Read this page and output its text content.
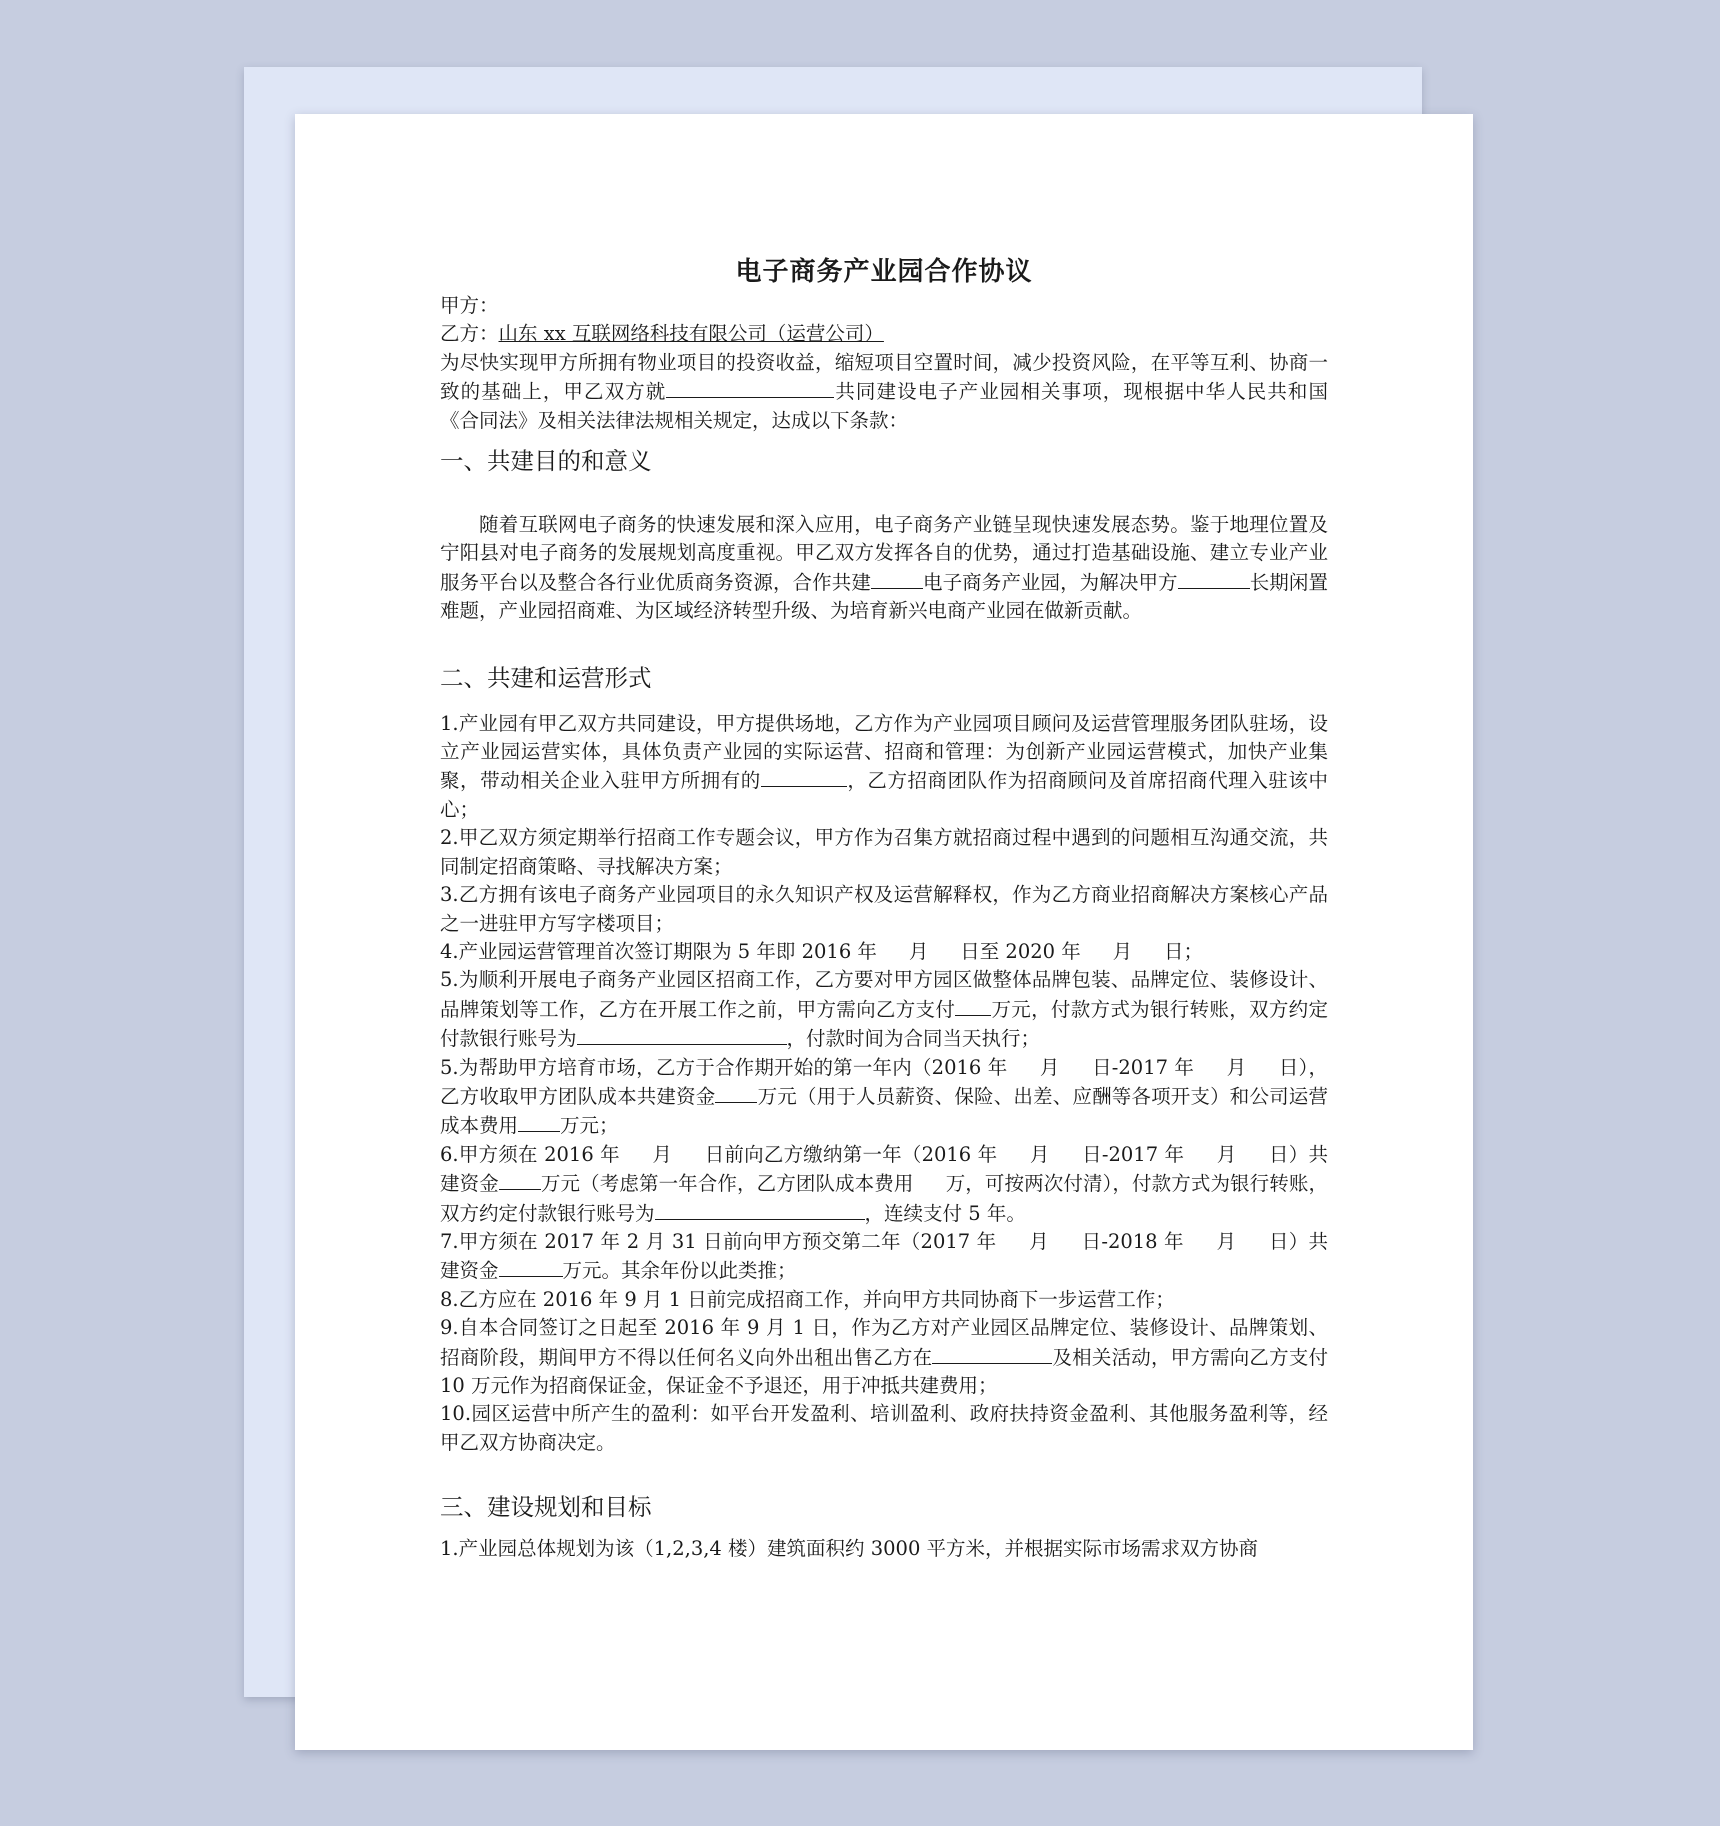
电子商务产业园合作协议

甲方：

乙方：山东 xx 互联网络科技有限公司（运营公司）

为尽快实现甲方所拥有物业项目的投资收益，缩短项目空置时间，减少投资风险，在平等互利、协商一致的基础上，甲乙双方就	共同建设电子产业园相关事项，现根据中华人民共和国《合同法》及相关法律法规相关规定，达成以下条款：

一、共建目的和意义

随着互联网电子商务的快速发展和深入应用，电子商务产业链呈现快速发展态势。鉴于地理位置及宁阳县对电子商务的发展规划高度重视。甲乙双方发挥各自的优势，通过打造基础设施、建立专业产业服务平台以及整合各行业优质商务资源，合作共建	电子商务产业园，为解决甲方	长期闲置难题，产业园招商难、为区域经济转型升级、为培育新兴电商产业园在做新贡献。

二、共建和运营形式

1.产业园有甲乙双方共同建设，甲方提供场地，乙方作为产业园项目顾问及运营管理服务团队驻场，设立产业园运营实体，具体负责产业园的实际运营、招商和管理：为创新产业园运营模式，加快产业集聚，带动相关企业入驻甲方所拥有的	，乙方招商团队作为招商顾问及首席招商代理入驻该中心；

2.甲乙双方须定期举行招商工作专题会议，甲方作为召集方就招商过程中遇到的问题相互沟通交流，共同制定招商策略、寻找解决方案；

3.乙方拥有该电子商务产业园项目的永久知识产权及运营解释权，作为乙方商业招商解决方案核心产品之一进驻甲方写字楼项目；

4.产业园运营管理首次签订期限为 5 年即 2016 年 　 月 　 日至 2020 年 　 月 　 日；

5.为顺利开展电子商务产业园区招商工作，乙方要对甲方园区做整体品牌包装、品牌定位、装修设计、品牌策划等工作，乙方在开展工作之前，甲方需向乙方支付 万元，付款方式为银行转账，双方约定付款银行账号为	，付款时间为合同当天执行；

5.为帮助甲方培育市场，乙方于合作期开始的第一年内（2016 年 　 月 　 日-2017 年 　 月 　 日），乙方收取甲方团队成本共建资金 万元（用于人员薪资、保险、出差、应酬等各项开支）和公司运营成本费用 万元；

6.甲方须在 2016 年 　 月 　 日前向乙方缴纳第一年（2016 年 　 月 　 日-2017 年 　 月 　 日）共建资金 万元（考虑第一年合作，乙方团队成本费用 　 万，可按两次付清），付款方式为银行转账，双方约定付款银行账号为	，连续支付 5 年。

7.甲方须在 2017 年 2 月 31 日前向甲方预交第二年（2017 年 　 月 　 日-2018 年 　 月 　 日）共建资金	万元。其余年份以此类推；

8.乙方应在 2016 年 9 月 1 日前完成招商工作，并向甲方共同协商下一步运营工作；

9.自本合同签订之日起至 2016 年 9 月 1 日，作为乙方对产业园区品牌定位、装修设计、品牌策划、招商阶段，期间甲方不得以任何名义向外出租出售乙方在	及相关活动，甲方需向乙方支付 10 万元作为招商保证金，保证金不予退还，用于冲抵共建费用；

10.园区运营中所产生的盈利：如平台开发盈利、培训盈利、政府扶持资金盈利、其他服务盈利等，经甲乙双方协商决定。

三、建设规划和目标

1.产业园总体规划为该（1,2,3,4 楼）建筑面积约 3000 平方米，并根据实际市场需求双方协商
